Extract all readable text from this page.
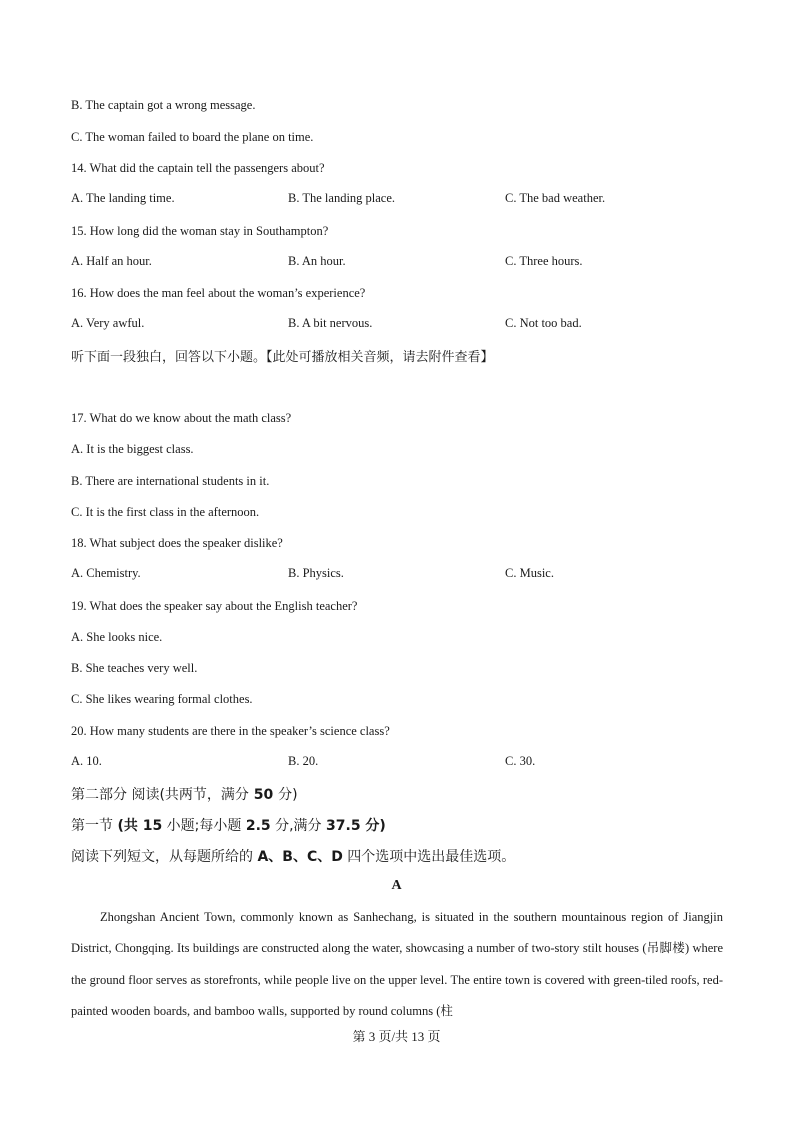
B. The captain got a wrong message.
C. The woman failed to board the plane on time.
14. What did the captain tell the passengers about?
A. The landing time.	B. The landing place.	C. The bad weather.
15. How long did the woman stay in Southampton?
A. Half an hour.	B. An hour.	C. Three hours.
16. How does the man feel about the woman’s experience?
A. Very awful.	B. A bit nervous.	C. Not too bad.
听下面一段独白，回答以下小题。【此处可播放相关音频，请去附件查看】
17. What do we know about the math class?
A. It is the biggest class.
B. There are international students in it.
C. It is the first class in the afternoon.
18. What subject does the speaker dislike?
A. Chemistry.	B. Physics.	C. Music.
19. What does the speaker say about the English teacher?
A. She looks nice.
B. She teaches very well.
C. She likes wearing formal clothes.
20. How many students are there in the speaker’s science class?
A. 10.	B. 20.	C. 30.
第二部分 阅读(共两节，满分 50 分)
第一节 (共 15 小题;每小题 2.5 分,满分 37.5 分)
阅读下列短文，从每题所给的 A、B、C、D 四个选项中选出最佳选项。
A

Zhongshan Ancient Town, commonly known as Sanhechang, is situated in the southern mountainous region of Jiangjin District, Chongqing. Its buildings are constructed along the water, showcasing a number of two-story stilt houses (吊脚楼) where the ground floor serves as storefronts, while people live on the upper level. The entire town is covered with green-tiled roofs, red-painted wooden boards, and bamboo walls, supported by round columns (柱

第 3 页/共 13 页
